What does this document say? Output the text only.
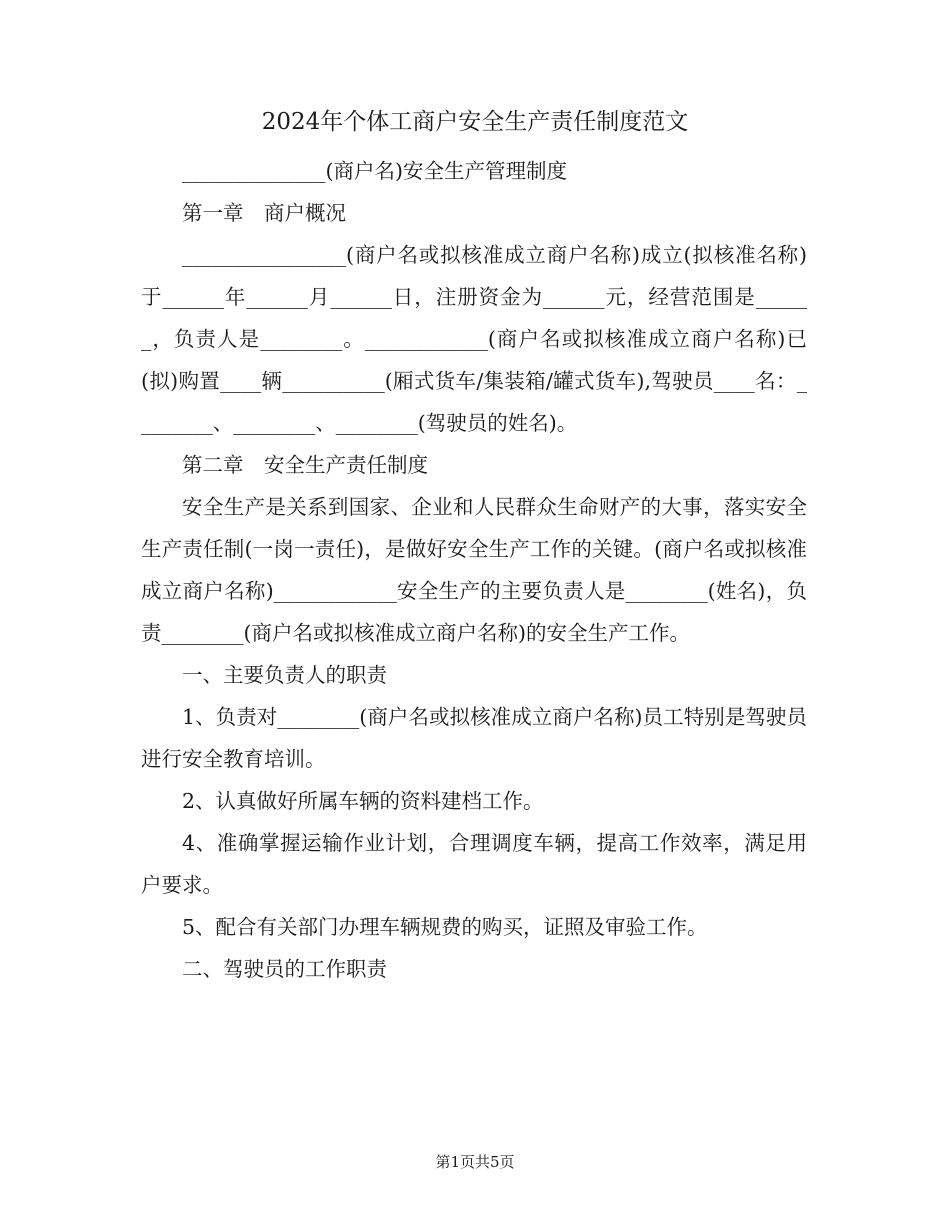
2024年个体工商户安全生产责任制度范文

______________(商户名)安全生产管理制度

第一章　商户概况

________________(商户名或拟核准成立商户名称)成立(拟核准名称)于______年______月______日，注册资金为______元，经营范围是______，负责人是________。____________(商户名或拟核准成立商户名称)已(拟)购置____辆__________(厢式货车/集装箱/罐式货车),驾驶员____名：________、________、________(驾驶员的姓名)。

第二章　安全生产责任制度

安全生产是关系到国家、企业和人民群众生命财产的大事，落实安全生产责任制(一岗一责任)，是做好安全生产工作的关键。(商户名或拟核准成立商户名称)____________安全生产的主要负责人是________(姓名)，负责________(商户名或拟核准成立商户名称)的安全生产工作。

一、主要负责人的职责

1、负责对________(商户名或拟核准成立商户名称)员工特别是驾驶员进行安全教育培训。

2、认真做好所属车辆的资料建档工作。

4、准确掌握运输作业计划，合理调度车辆，提高工作效率，满足用户要求。

5、配合有关部门办理车辆规费的购买，证照及审验工作。

二、驾驶员的工作职责

第1页共5页
